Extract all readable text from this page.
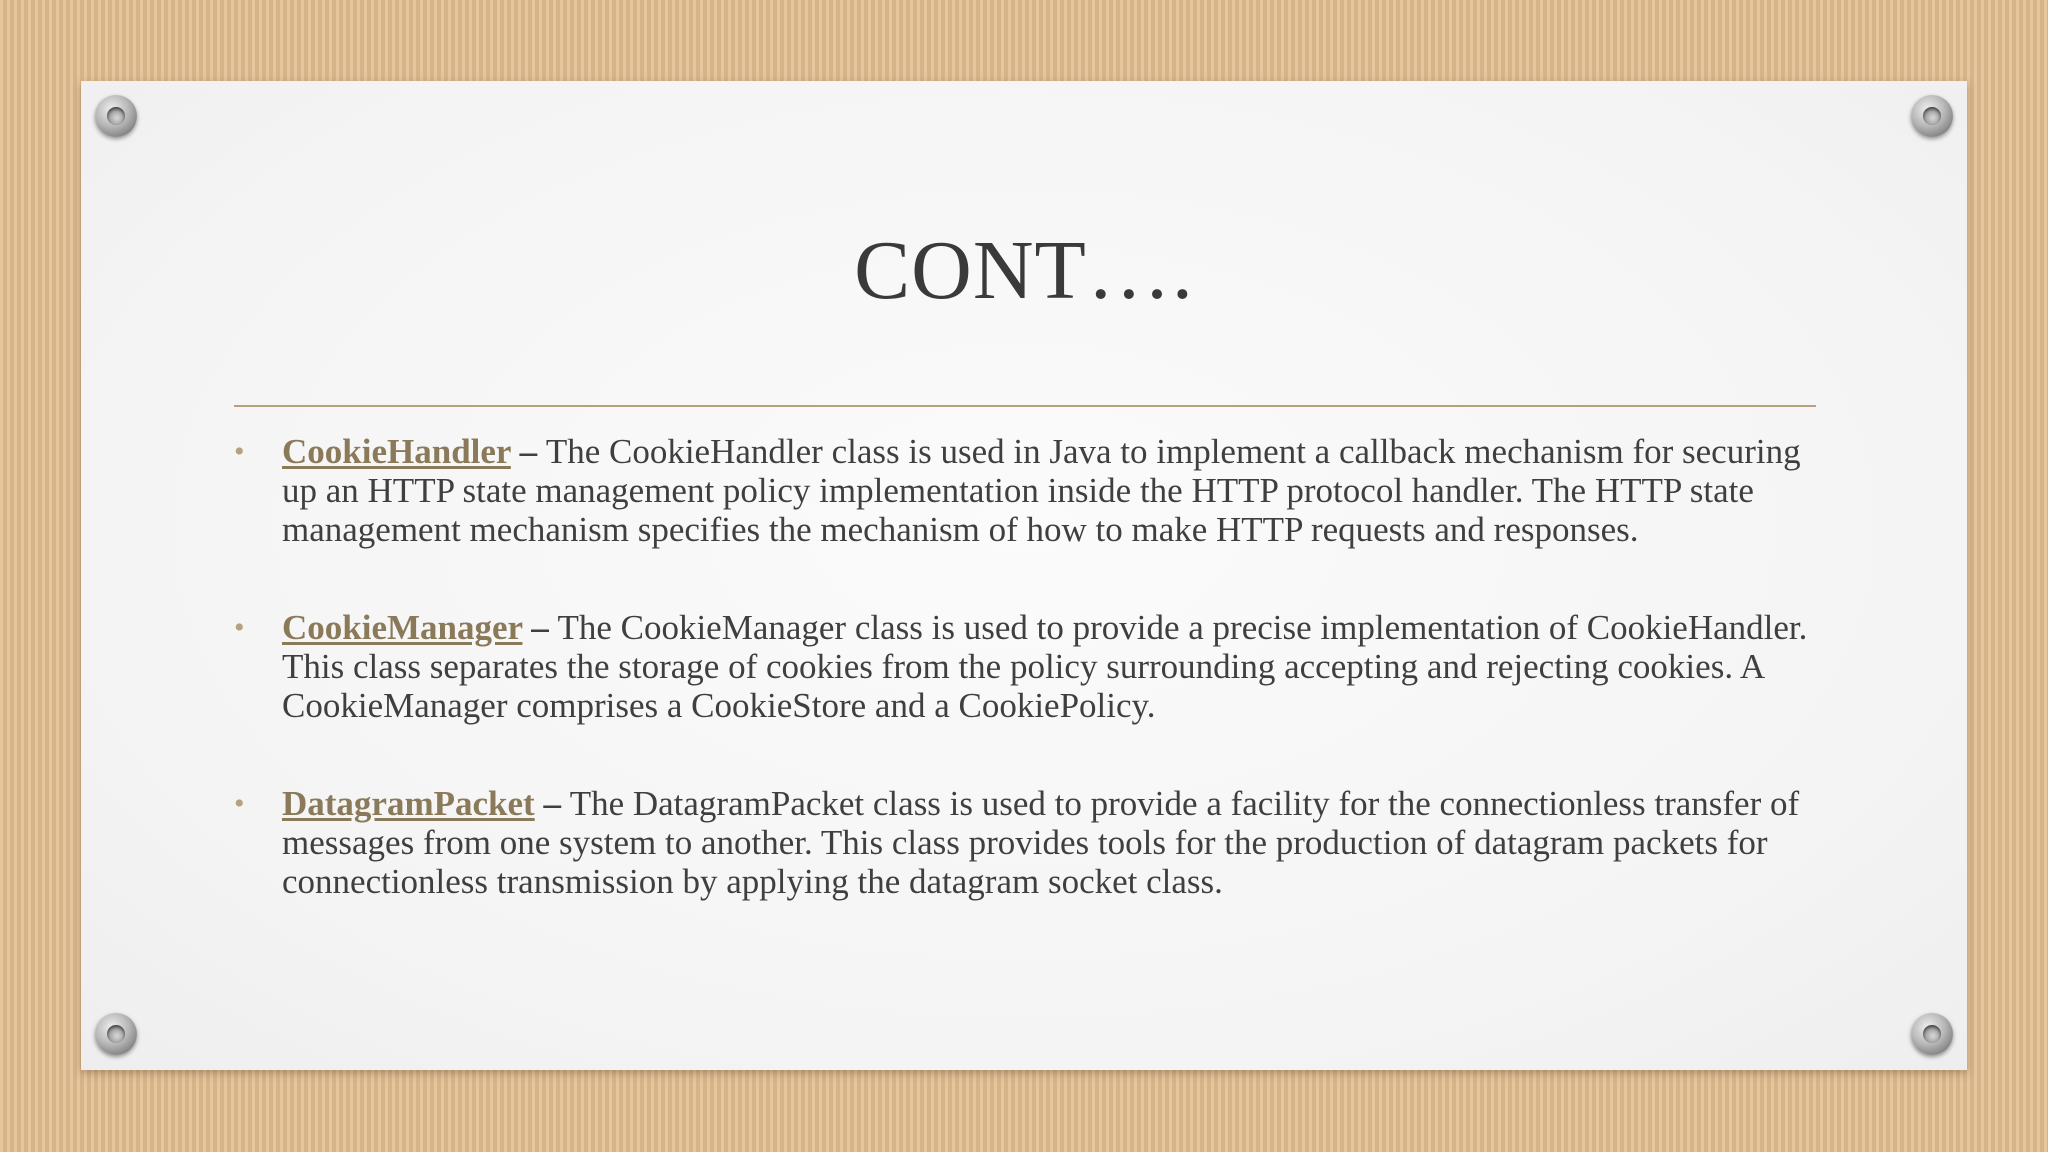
CONT….
• CookieHandler – The CookieHandler class is used in Java to implement a callback mechanism for securing up an HTTP state management policy implementation inside the HTTP protocol handler. The HTTP state management mechanism specifies the mechanism of how to make HTTP requests and responses.
• CookieManager – The CookieManager class is used to provide a precise implementation of CookieHandler. This class separates the storage of cookies from the policy surrounding accepting and rejecting cookies. A CookieManager comprises a CookieStore and a CookiePolicy.
• DatagramPacket – The DatagramPacket class is used to provide a facility for the connectionless transfer of messages from one system to another. This class provides tools for the production of datagram packets for connectionless transmission by applying the datagram socket class.
